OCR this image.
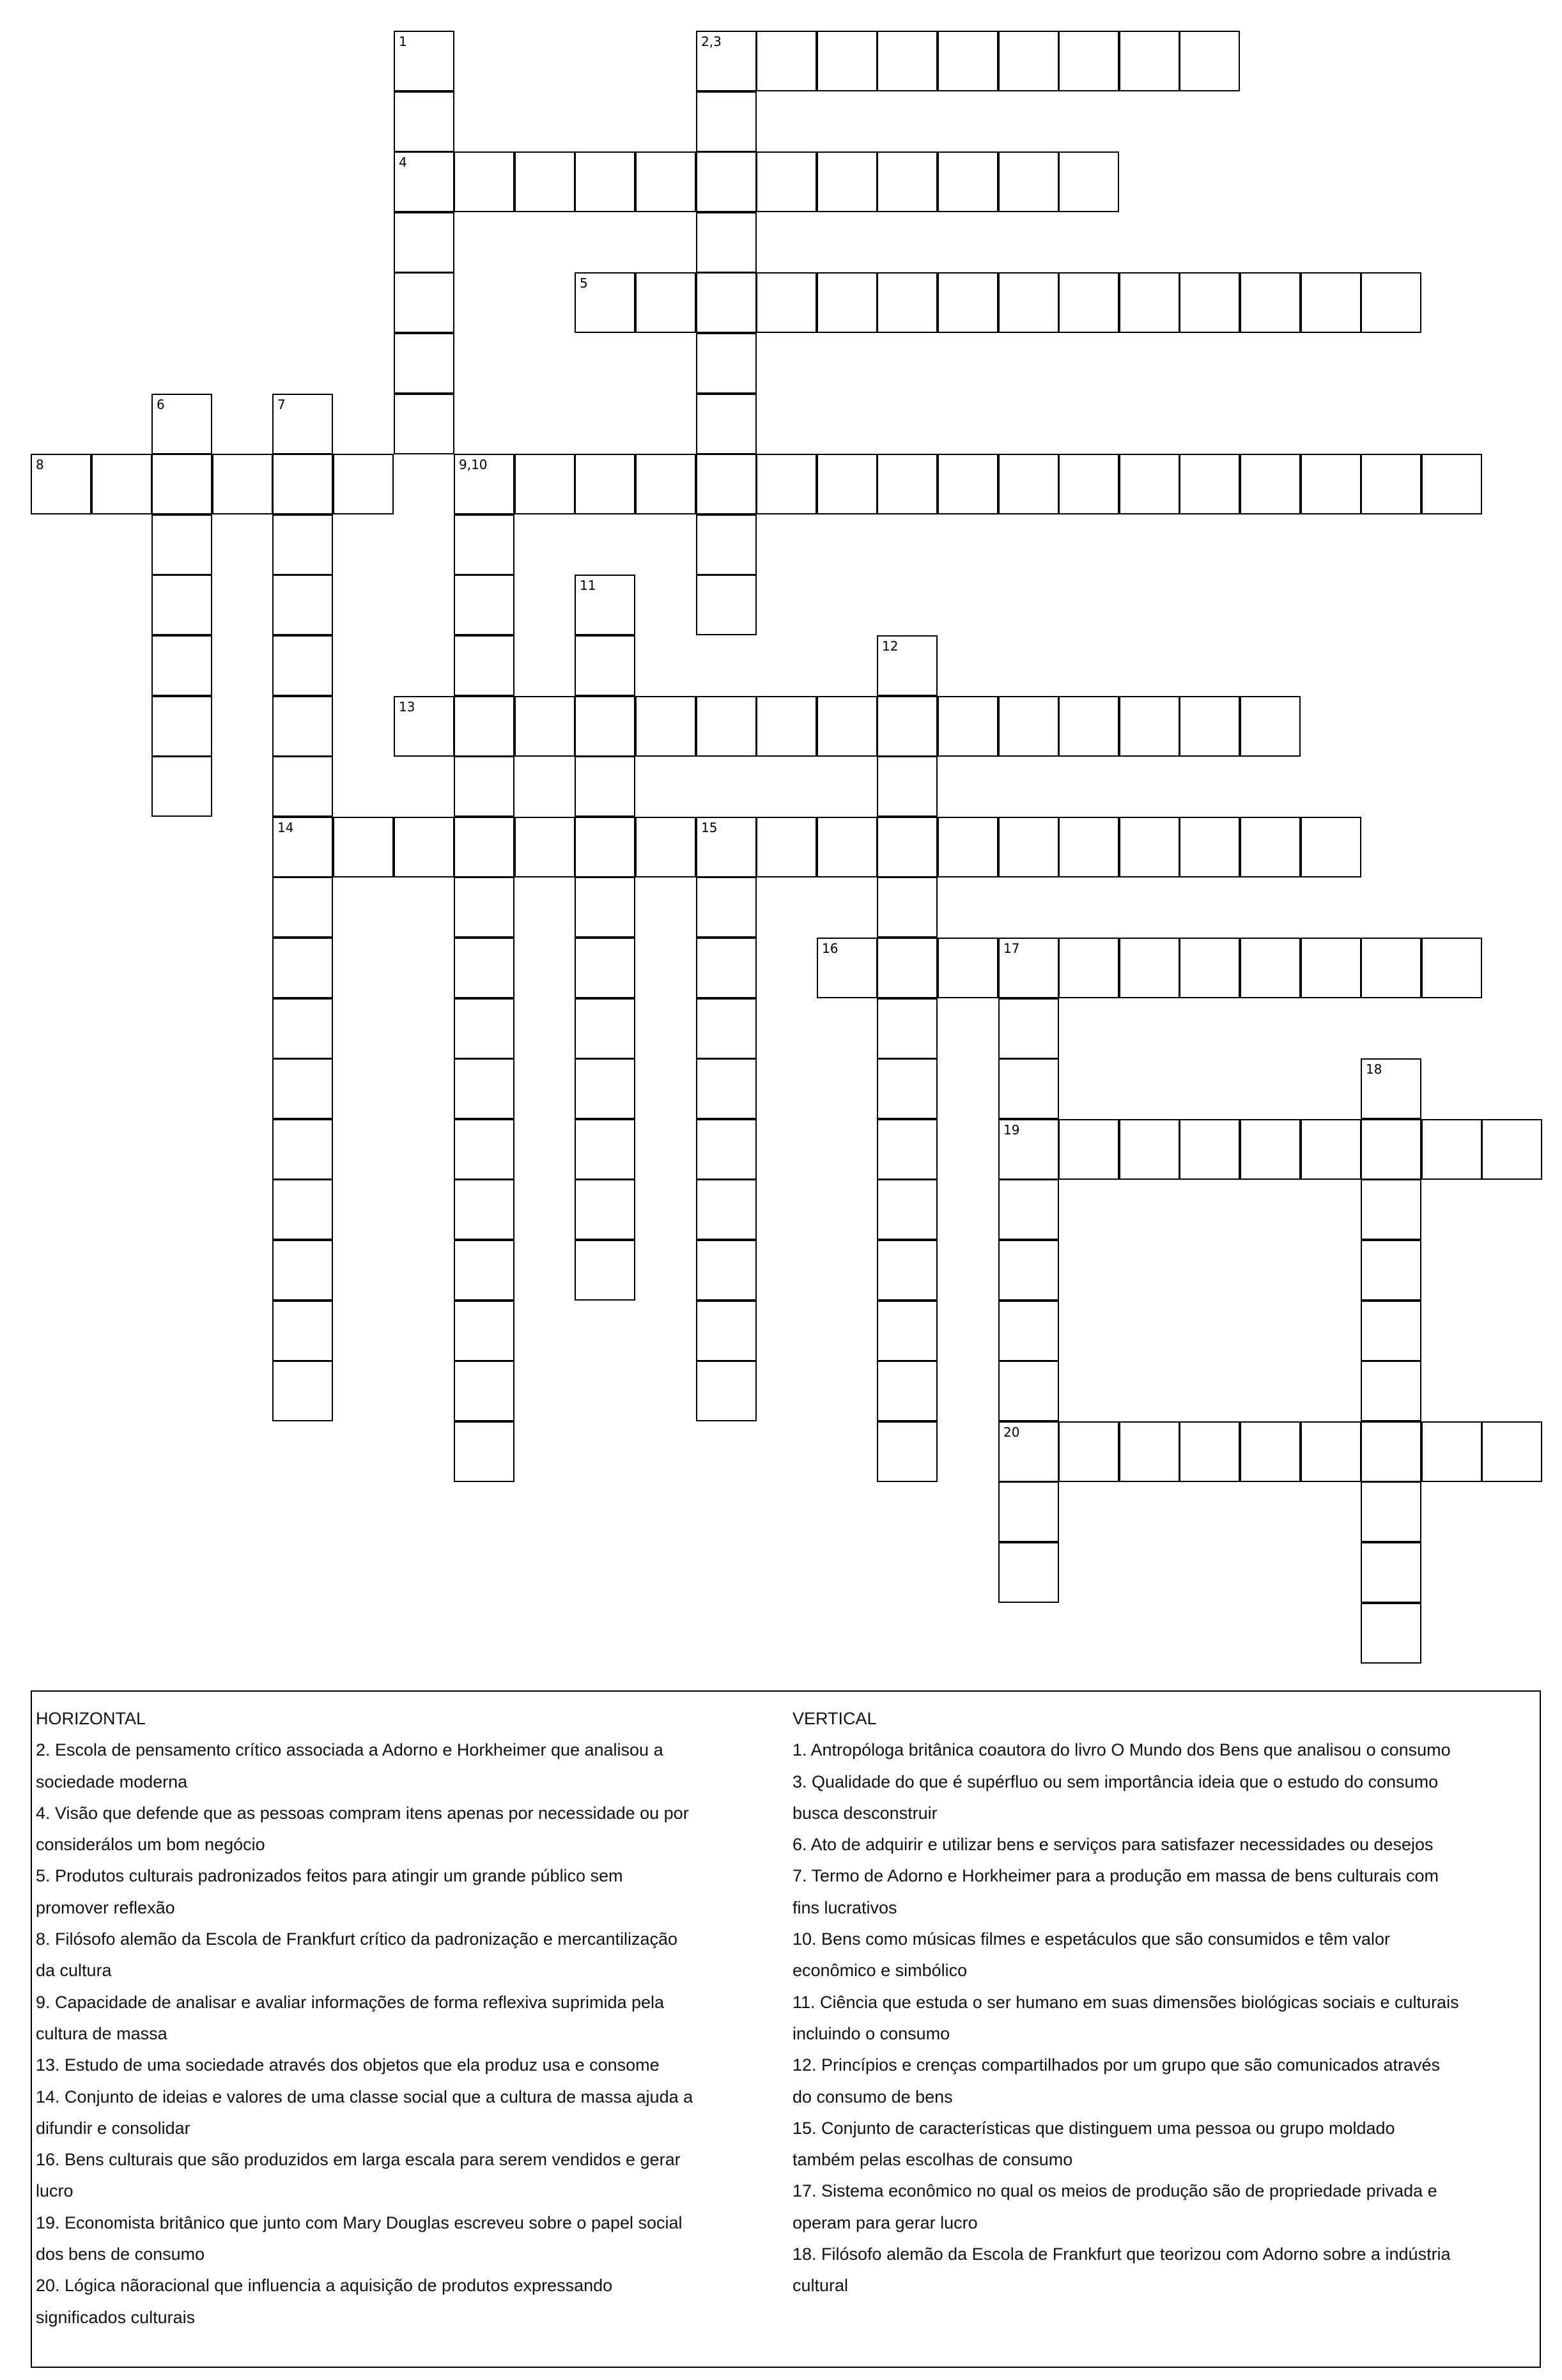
1	2,3
4
5
6	7
8	9,10
11
12
13
14	15
16	17
18
19
20
HORIZONTAL
2. Escola de pensamento crítico associada a Adorno e Horkheimer que analisou a
sociedade moderna
4. Visão que defende que as pessoas compram itens apenas por necessidade ou por
considerálos um bom negócio
5. Produtos culturais padronizados feitos para atingir um grande público sem
promover reflexão
8. Filósofo alemão da Escola de Frankfurt crítico da padronização e mercantilização
da cultura
9. Capacidade de analisar e avaliar informações de forma reflexiva suprimida pela
cultura de massa
13. Estudo de uma sociedade através dos objetos que ela produz usa e consome
14. Conjunto de ideias e valores de uma classe social que a cultura de massa ajuda a
difundir e consolidar
16. Bens culturais que são produzidos em larga escala para serem vendidos e gerar
lucro
19. Economista britânico que junto com Mary Douglas escreveu sobre o papel social
dos bens de consumo
20. Lógica nãoracional que influencia a aquisição de produtos expressando
significados culturais
VERTICAL
1. Antropóloga britânica coautora do livro O Mundo dos Bens que analisou o consumo
3. Qualidade do que é supérfluo ou sem importância ideia que o estudo do consumo
busca desconstruir
6. Ato de adquirir e utilizar bens e serviços para satisfazer necessidades ou desejos
7. Termo de Adorno e Horkheimer para a produção em massa de bens culturais com
fins lucrativos
10. Bens como músicas filmes e espetáculos que são consumidos e têm valor
econômico e simbólico
11. Ciência que estuda o ser humano em suas dimensões biológicas sociais e culturais
incluindo o consumo
12. Princípios e crenças compartilhados por um grupo que são comunicados através
do consumo de bens
15. Conjunto de características que distinguem uma pessoa ou grupo moldado
também pelas escolhas de consumo
17. Sistema econômico no qual os meios de produção são de propriedade privada e
operam para gerar lucro
18. Filósofo alemão da Escola de Frankfurt que teorizou com Adorno sobre a indústria
cultural
